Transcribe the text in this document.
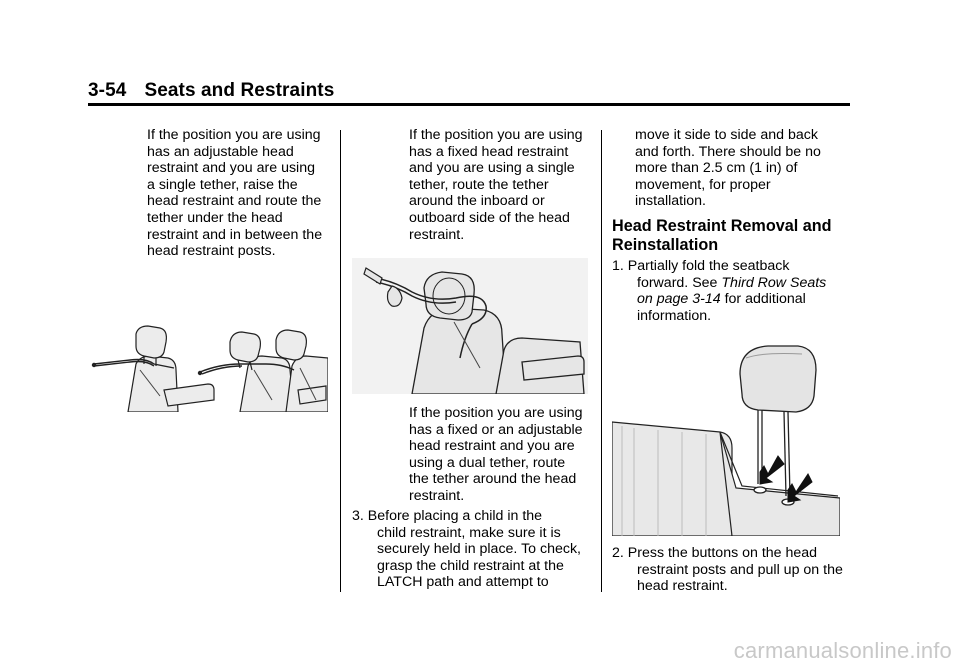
3-54 Seats and Restraints

If the position you are using
has an adjustable head
restraint and you are using
a single tether, raise the
head restraint and route the
tether under the head
restraint and in between the
head restraint posts.

If the position you are using
has a fixed head restraint
and you are using a single
tether, route the tether
around the inboard or
outboard side of the head
restraint.

If the position you are using
has a fixed or an adjustable
head restraint and you are
using a dual tether, route
the tether around the head
restraint.

3. Before placing a child in the
child restraint, make sure it is
securely held in place. To check,
grasp the child restraint at the
LATCH path and attempt to

move it side to side and back
and forth. There should be no
more than 2.5 cm (1 in) of
movement, for proper
installation.

Head Restraint Removal and
Reinstallation

1. Partially fold the seatback
forward. See Third Row Seats
on page 3-14 for additional
information.
2. Press the buttons on the head
restraint posts and pull up on the
head restraint.
carmanualsonline.info
